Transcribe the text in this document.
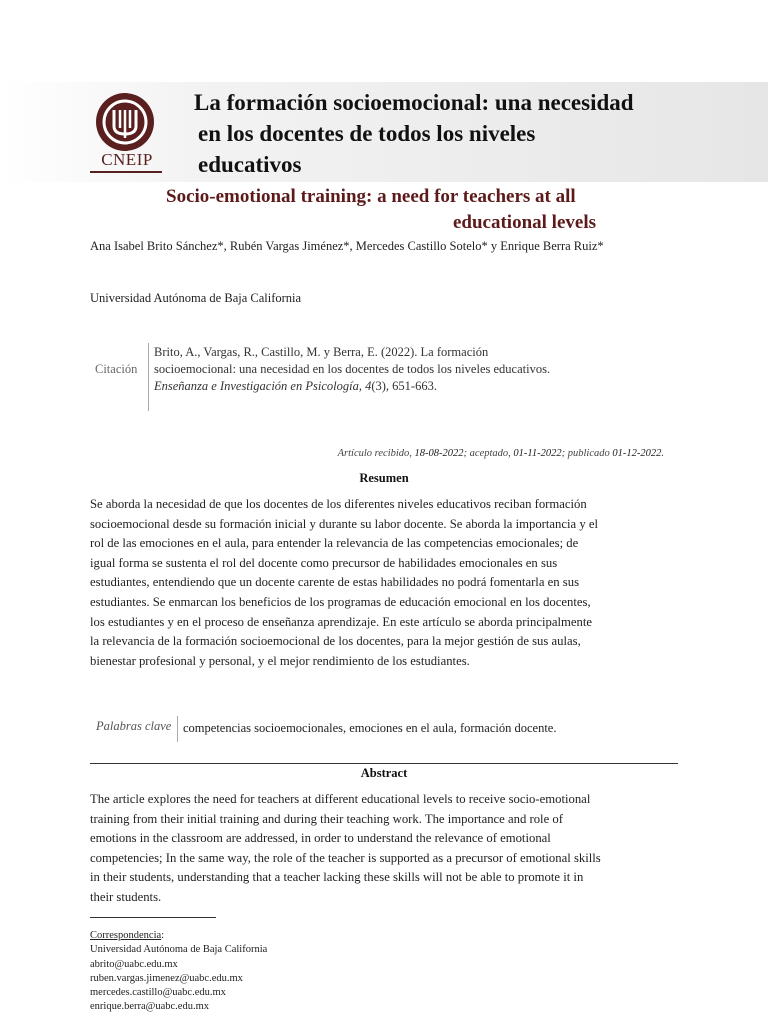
CNEIP
La formación socioemocional: una necesidad
en los docentes de todos los niveles
educativos
Socio-emotional training: a need for teachers at all
educational levels
Ana Isabel Brito Sánchez*, Rubén Vargas Jiménez*, Mercedes Castillo Sotelo* y Enrique Berra Ruiz*
Universidad Autónoma de Baja California
Citación
Brito, A., Vargas, R., Castillo, M. y Berra, E. (2022). La formación
socioemocional: una necesidad en los docentes de todos los niveles educativos.
Enseñanza e Investigación en Psicología, 4(3), 651-663.
Artículo recibido, 18-08-2022; aceptado, 01-11-2022; publicado 01-12-2022.
Resumen
Se aborda la necesidad de que los docentes de los diferentes niveles educativos reciban formación
socioemocional desde su formación inicial y durante su labor docente. Se aborda la importancia y el
rol de las emociones en el aula, para entender la relevancia de las competencias emocionales; de
igual forma se sustenta el rol del docente como precursor de habilidades emocionales en sus
estudiantes, entendiendo que un docente carente de estas habilidades no podrá fomentarla en sus
estudiantes. Se enmarcan los beneficios de los programas de educación emocional en los docentes,
los estudiantes y en el proceso de enseñanza aprendizaje. En este artículo se aborda principalmente
la relevancia de la formación socioemocional de los docentes, para la mejor gestión de sus aulas,
bienestar profesional y personal, y el mejor rendimiento de los estudiantes.
Palabras clave competencias socioemocionales, emociones en el aula, formación docente.
Abstract
The article explores the need for teachers at different educational levels to receive socio-emotional
training from their initial training and during their teaching work. The importance and role of
emotions in the classroom are addressed, in order to understand the relevance of emotional
competencies; In the same way, the role of the teacher is supported as a precursor of emotional skills
in their students, understanding that a teacher lacking these skills will not be able to promote it in
their students.
Correspondencia:
Universidad Autónoma de Baja California
abrito@uabc.edu.mx
ruben.vargas.jimenez@uabc.edu.mx
mercedes.castillo@uabc.edu.mx
enrique.berra@uabc.edu.mx
